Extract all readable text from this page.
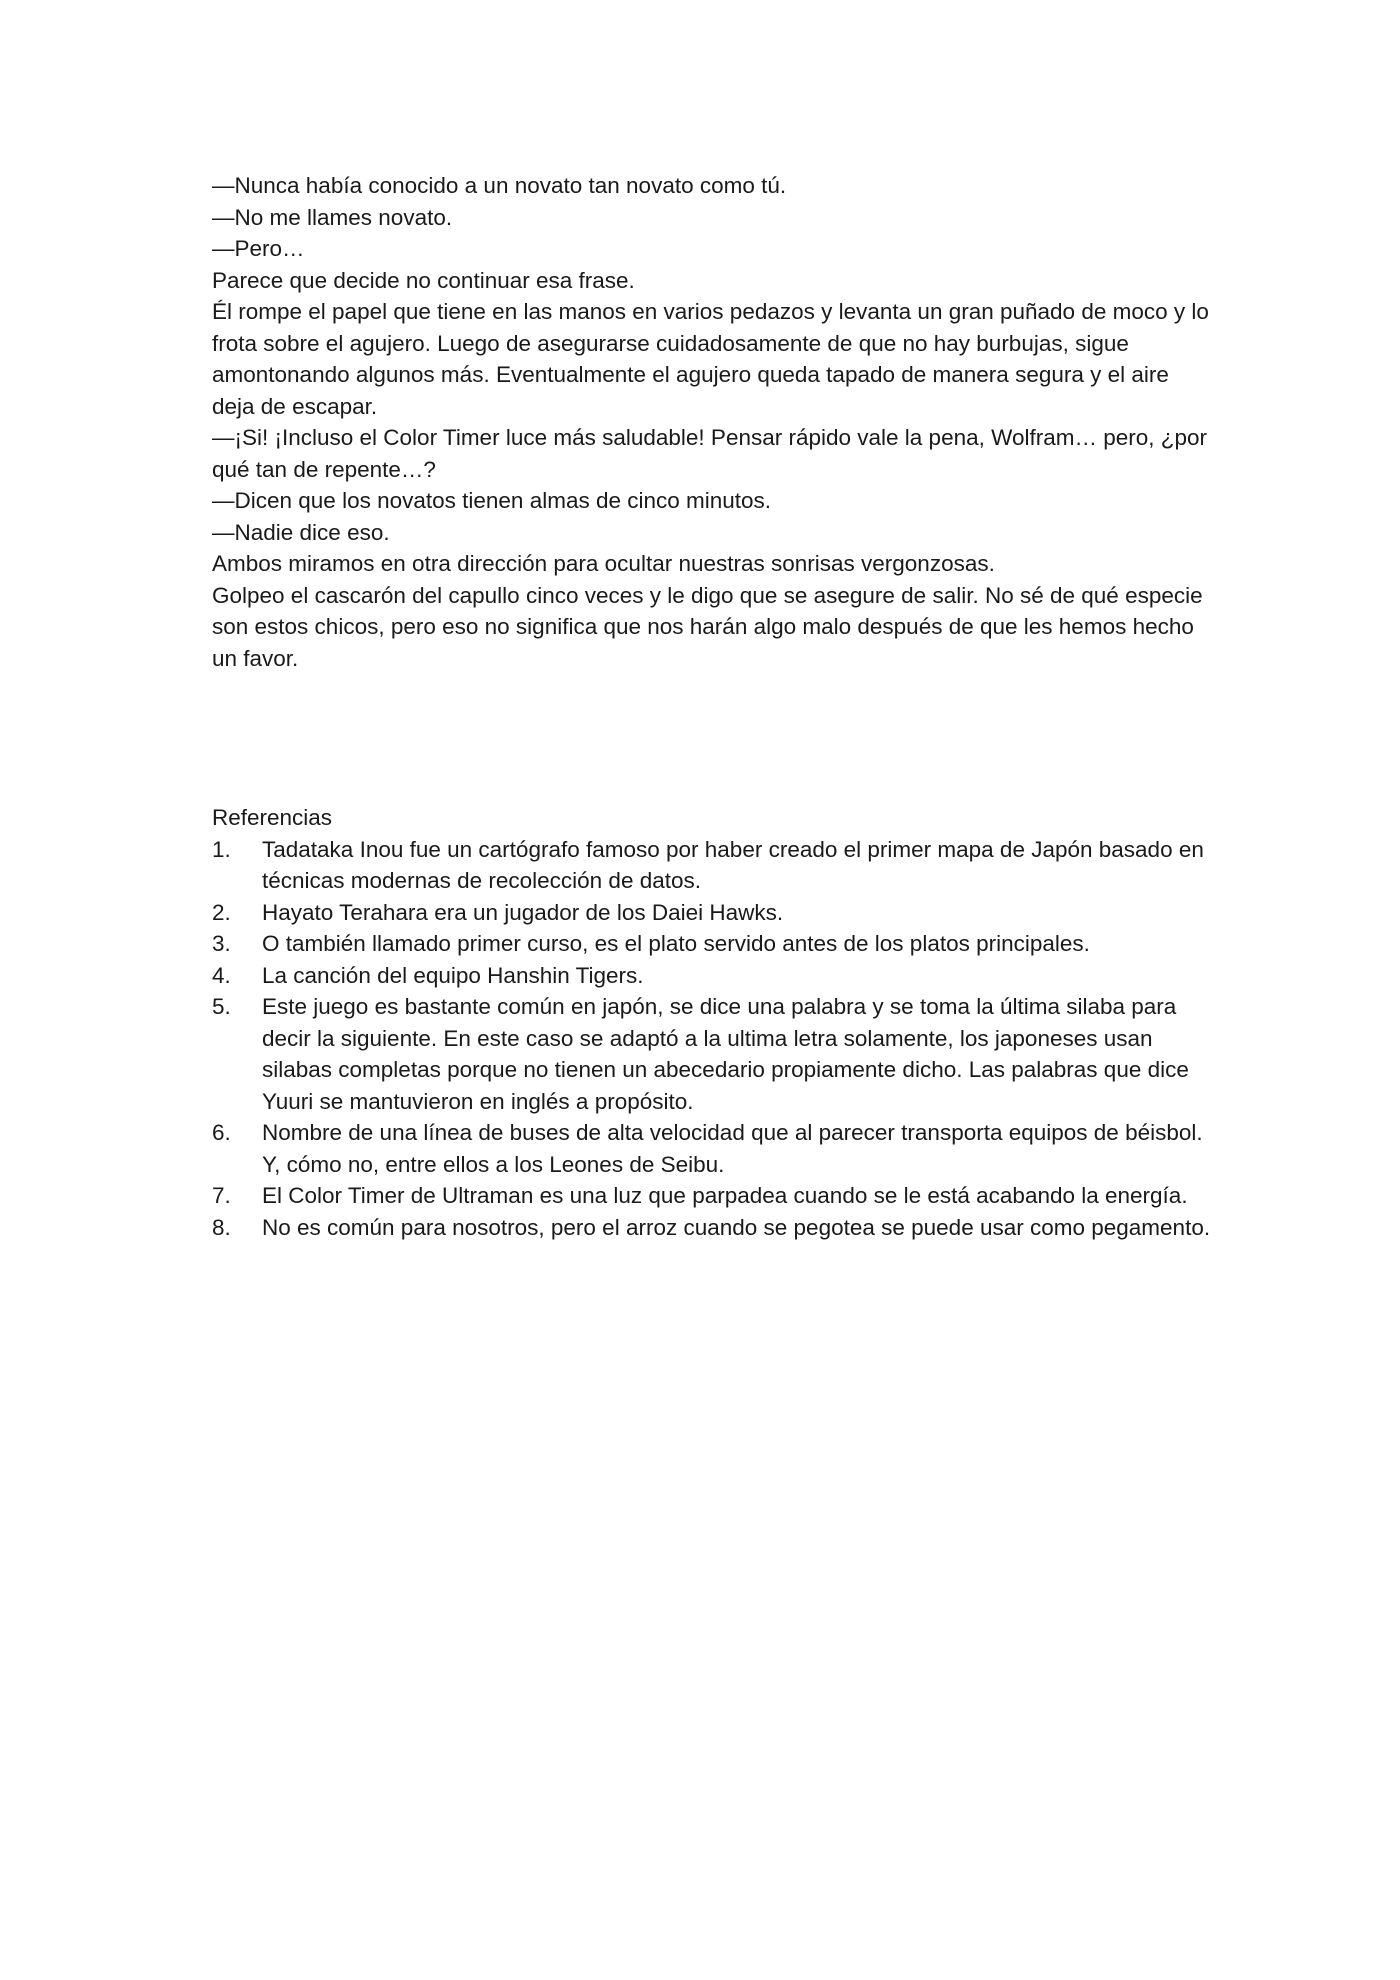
—Nunca había conocido a un novato tan novato como tú.

—No me llames novato.

—Pero…

Parece que decide no continuar esa frase.

Él rompe el papel que tiene en las manos en varios pedazos y levanta un gran puñado de moco y lo frota sobre el agujero. Luego de asegurarse cuidadosamente de que no hay burbujas, sigue amontonando algunos más. Eventualmente el agujero queda tapado de manera segura y el aire deja de escapar.

—¡Si! ¡Incluso el Color Timer luce más saludable! Pensar rápido vale la pena, Wolfram… pero, ¿por qué tan de repente…?

—Dicen que los novatos tienen almas de cinco minutos.

—Nadie dice eso.

Ambos miramos en otra dirección para ocultar nuestras sonrisas vergonzosas.

Golpeo el cascarón del capullo cinco veces y le digo que se asegure de salir. No sé de qué especie son estos chicos, pero eso no significa que nos harán algo malo después de que les hemos hecho un favor.

Referencias

1.	Tadataka Inou fue un cartógrafo famoso por haber creado el primer mapa de Japón basado en técnicas modernas de recolección de datos.
2.	Hayato Terahara era un jugador de los Daiei Hawks.
3.	O también llamado primer curso, es el plato servido antes de los platos principales.
4.	La canción del equipo Hanshin Tigers.
5.	Este juego es bastante común en japón, se dice una palabra y se toma la última silaba para decir la siguiente. En este caso se adaptó a la ultima letra solamente, los japoneses usan silabas completas porque no tienen un abecedario propiamente dicho. Las palabras que dice Yuuri se mantuvieron en inglés a propósito.
6.	Nombre de una línea de buses de alta velocidad que al parecer transporta equipos de béisbol. Y, cómo no, entre ellos a los Leones de Seibu.
7.	El Color Timer de Ultraman es una luz que parpadea cuando se le está acabando la energía.
8.	No es común para nosotros, pero el arroz cuando se pegotea se puede usar como pegamento.
